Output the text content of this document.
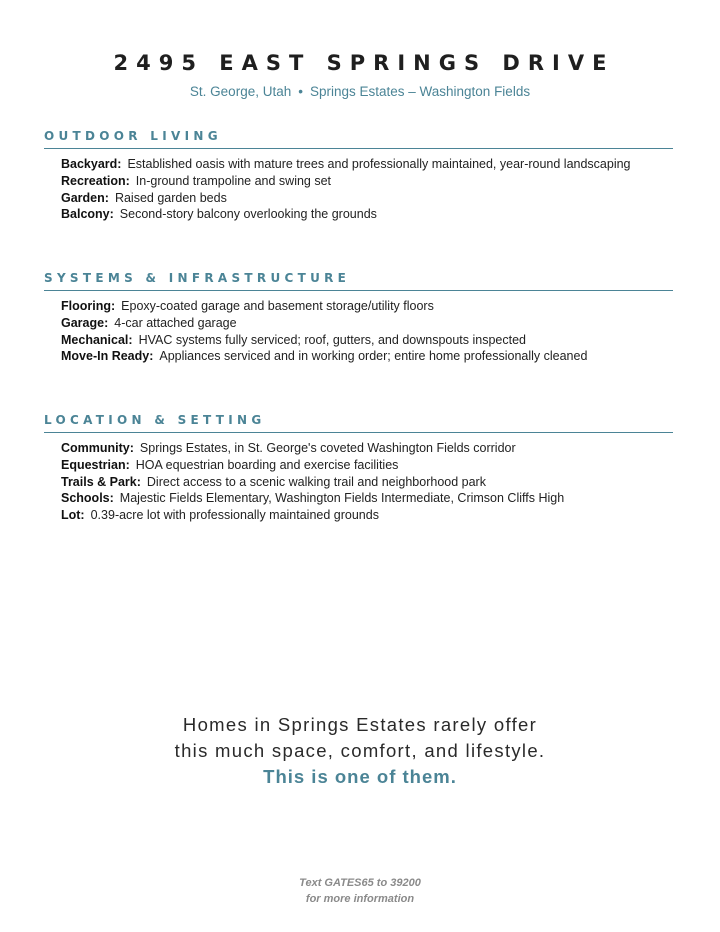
2495 EAST SPRINGS DRIVE
St. George, Utah • Springs Estates – Washington Fields
OUTDOOR LIVING
Backyard: Established oasis with mature trees and professionally maintained, year-round landscaping
Recreation: In-ground trampoline and swing set
Garden: Raised garden beds
Balcony: Second-story balcony overlooking the grounds
SYSTEMS & INFRASTRUCTURE
Flooring: Epoxy-coated garage and basement storage/utility floors
Garage: 4-car attached garage
Mechanical: HVAC systems fully serviced; roof, gutters, and downspouts inspected
Move-In Ready: Appliances serviced and in working order; entire home professionally cleaned
LOCATION & SETTING
Community: Springs Estates, in St. George's coveted Washington Fields corridor
Equestrian: HOA equestrian boarding and exercise facilities
Trails & Park: Direct access to a scenic walking trail and neighborhood park
Schools: Majestic Fields Elementary, Washington Fields Intermediate, Crimson Cliffs High
Lot: 0.39-acre lot with professionally maintained grounds
Homes in Springs Estates rarely offer
this much space, comfort, and lifestyle.
This is one of them.
Text GATES65 to 39200
for more information
